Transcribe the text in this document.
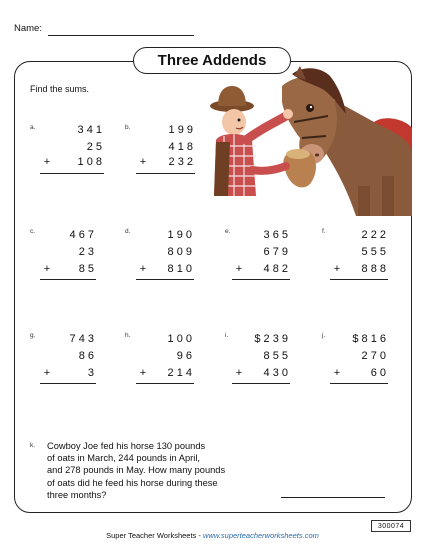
Name:
Three Addends
Find the sums.
a.	3 4 1
2 5
+ 1 0 8
b.	1 9 9
4 1 8
+ 2 3 2
c.	4 6 7
2 3
+	8 5
d.	1 9 0
8 0 9
+ 8 1 0
e.	3 6 5
6 7 9
+ 4 8 2
f.	2 2 2
5 5 5
+ 8 8 8
g.	7 4 3
8 6
+	3
h.	1 0 0
9 6
+ 2 1 4
i. $ 2 3 9
8 5 5
+ 4 3 0
j. $ 8 1 6
2 7 0
+	6 0
k. Cowboy Joe fed his horse 130 pounds
of oats in March, 244 pounds in April,
and 278 pounds in May. How many pounds
of oats did he feed his horse during these
three months?
300074
Super Teacher Worksheets - www.superteacherworksheets.com
